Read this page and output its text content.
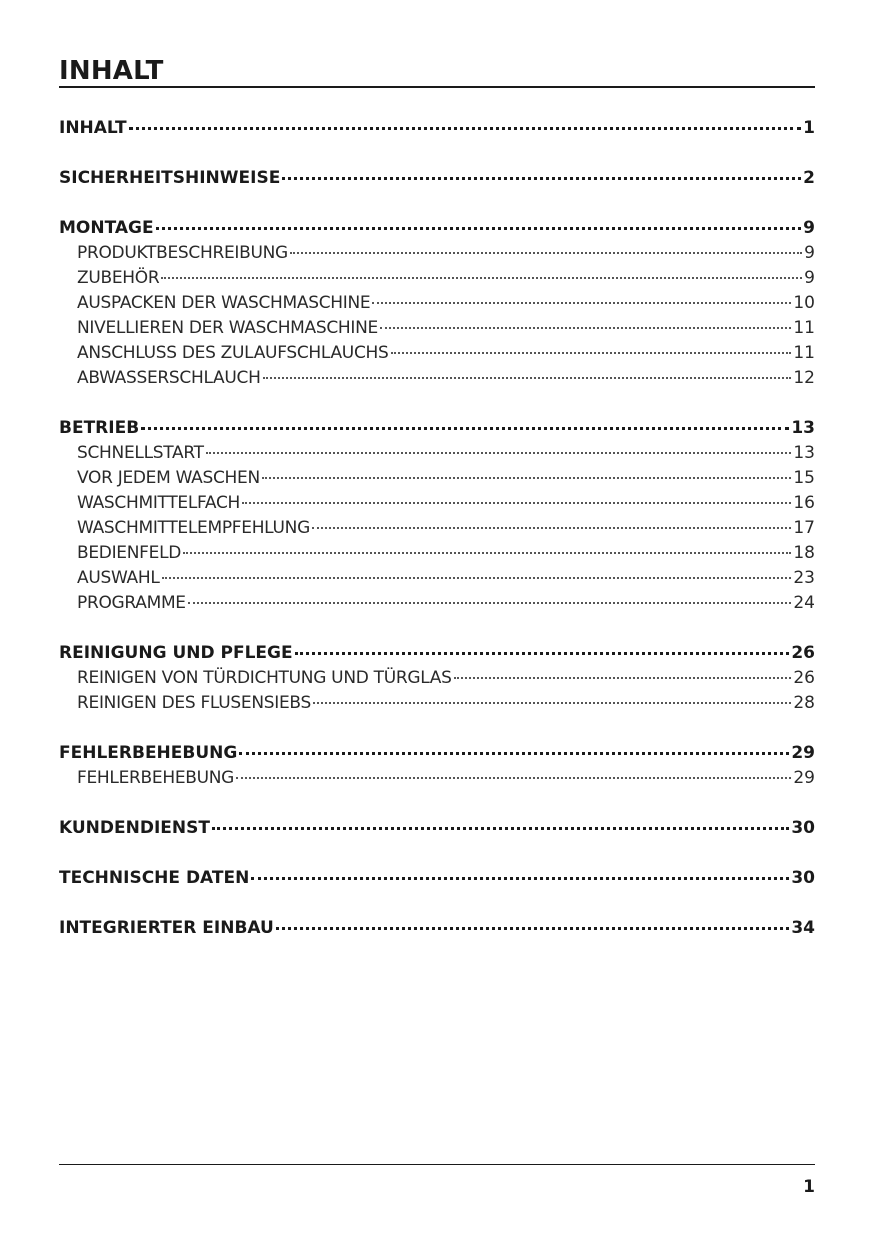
INHALT
INHALT	1
SICHERHEITSHINWEISE	2
MONTAGE	9
PRODUKTBESCHREIBUNG	9
ZUBEHÖR	9
AUSPACKEN DER WASCHMASCHINE	10
NIVELLIEREN DER WASCHMASCHINE	11
ANSCHLUSS DES ZULAUFSCHLAUCHS	11
ABWASSERSCHLAUCH	12
BETRIEB	13
SCHNELLSTART	13
VOR JEDEM WASCHEN	15
WASCHMITTELFACH	16
WASCHMITTELEMPFEHLUNG	17
BEDIENFELD	18
AUSWAHL	23
PROGRAMME	24
REINIGUNG UND PFLEGE	26
REINIGEN VON TÜRDICHTUNG UND TÜRGLAS	26
REINIGEN DES FLUSENSIEBS	28
FEHLERBEHEBUNG	29
FEHLERBEHEBUNG	29
KUNDENDIENST	30
TECHNISCHE DATEN	30
INTEGRIERTER EINBAU	34
1
